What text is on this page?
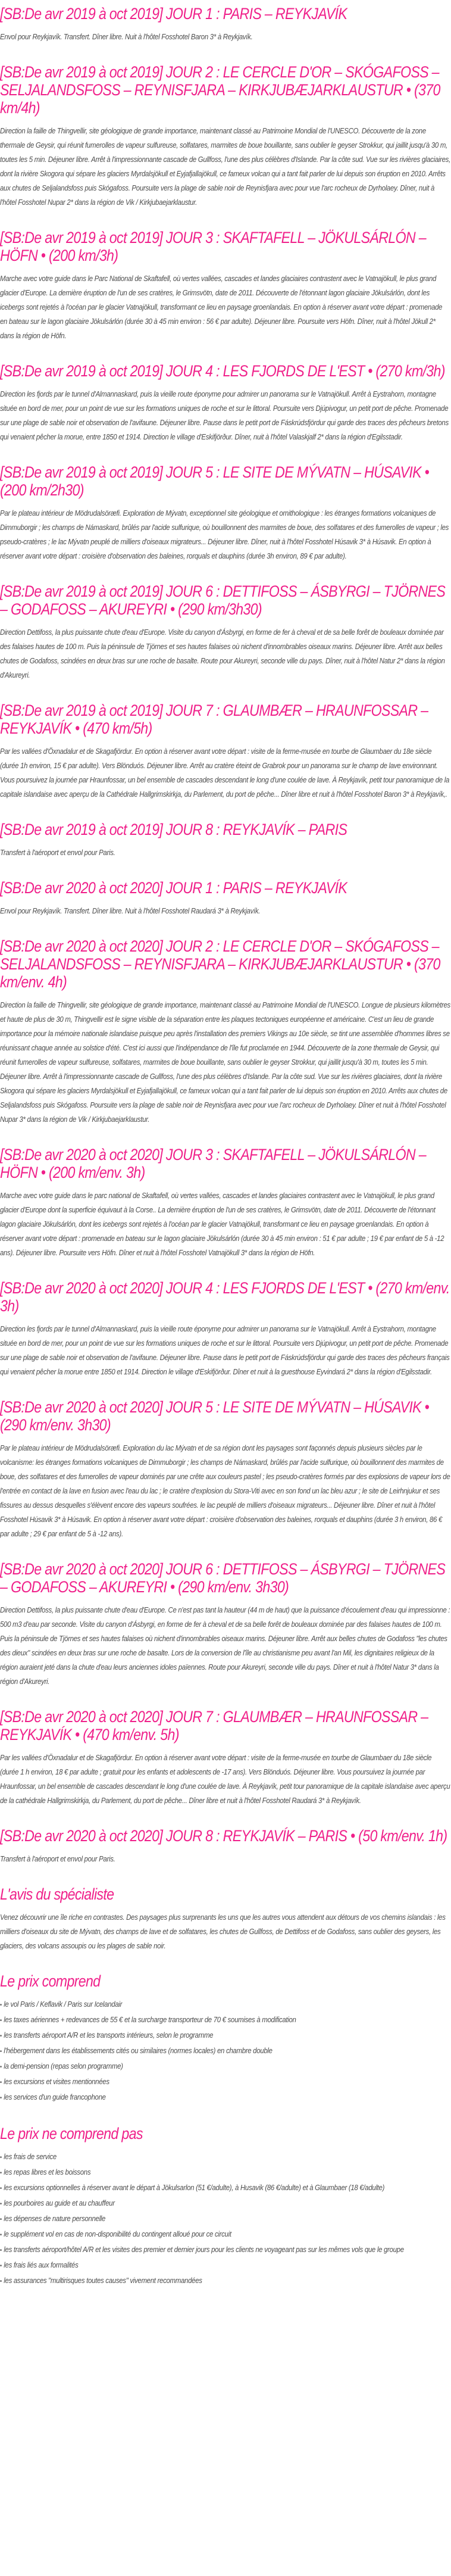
[SB:De avr 2019 à oct 2019] JOUR 1 : PARIS – REYKJAVÍK

Envol pour Reykjavík. Transfert. Dîner libre. Nuit à l'hôtel Fosshotel Baron 3* à Reykjavík.

[SB:De avr 2019 à oct 2019] JOUR 2 : LE CERCLE D'OR – SKÓGAFOSS – SELJALANDSFOSS – REYNISFJARA – KIRKJUBÆJARKLAUSTUR • (370 km/4h)

Direction la faille de Thingvellir, site géologique de grande importance, maintenant classé au Patrimoine Mondial de l'UNESCO. Découverte de la zone thermale de Geysir, qui réunit fumerolles de vapeur sulfureuse, solfatares, marmites de boue bouillante, sans oublier le geyser Strokkur, qui jaillit jusqu'à 30 m, toutes les 5 min. Déjeuner libre. Arrêt à l'impressionnante cascade de Gullfoss, l'une des plus célèbres d'Islande. Par la côte sud. Vue sur les rivières glaciaires, dont la rivière Skogora qui sépare les glaciers Myrdalsjökull et Eyjafjallajökull, ce fameux volcan qui a tant fait parler de lui depuis son éruption en 2010. Arrêts aux chutes de Seljalandsfoss puis Skógafoss. Poursuite vers la plage de sable noir de Reynisfjara avec pour vue l'arc rocheux de Dyrholaey. Dîner, nuit à l'hôtel Fosshotel Nupar 2* dans la région de Vik / Kirkjubaejarklaustur.

[SB:De avr 2019 à oct 2019] JOUR 3 : SKAFTAFELL – JÖKULSÁRLÓN – HÖFN • (200 km/3h)

Marche avec votre guide dans le Parc National de Skaftafell, où vertes vallées, cascades et landes glaciaires contrastent avec le Vatnajökull, le plus grand glacier d'Europe. La dernière éruption de l'un de ses cratères, le Grimsvötn, date de 2011. Découverte de l'étonnant lagon glaciaire Jökulsárlón, dont les icebergs sont rejetés à l'océan par le glacier Vatnajökull, transformant ce lieu en paysage groenlandais. En option à réserver avant votre départ : promenade en bateau sur le lagon glaciaire Jökulsárlón (durée 30 à 45 min environ : 56 € par adulte). Déjeuner libre. Poursuite vers Höfn. Dîner, nuit à l'hôtel Jökull 2* dans la région de Höfn.

[SB:De avr 2019 à oct 2019] JOUR 4 : LES FJORDS DE L'EST • (270 km/3h)

Direction les fjords par le tunnel d'Almannaskard, puis la vieille route éponyme pour admirer un panorama sur le Vatnajökull. Arrêt à Eystrahorn, montagne située en bord de mer, pour un point de vue sur les formations uniques de roche et sur le littoral. Poursuite vers Djúpivogur, un petit port de pêche. Promenade sur une plage de sable noir et observation de l'avifaune. Déjeuner libre. Pause dans le petit port de Fáskrúdsfjördur qui garde des traces des pêcheurs bretons qui venaient pêcher la morue, entre 1850 et 1914. Direction le village d'Eskifjörður. Dîner, nuit à l'hôtel Valaskjalf 2* dans la région d'Egilsstadir.

[SB:De avr 2019 à oct 2019] JOUR 5 : LE SITE DE MÝVATN – HÚSAVIK • (200 km/2h30)

Par le plateau intérieur de Mödrudalsöræfi. Exploration de Mývatn, exceptionnel site géologique et ornithologique : les étranges formations volcaniques de Dimmuborgir ; les champs de Námaskard, brûlés par l'acide sulfurique, où bouillonnent des marmites de boue, des solfatares et des fumerolles de vapeur ; les pseudo-cratères ; le lac Mývatn peuplé de milliers d'oiseaux migrateurs... Déjeuner libre. Dîner, nuit à l'hôtel Fosshotel Húsavik 3* à Húsavik. En option à réserver avant votre départ : croisière d'observation des baleines, rorquals et dauphins (durée 3h environ, 89 € par adulte).

[SB:De avr 2019 à oct 2019] JOUR 6 : DETTIFOSS – ÁSBYRGI – TJÖRNES – GODAFOSS – AKUREYRI • (290 km/3h30)

Direction Dettifoss, la plus puissante chute d'eau d'Europe. Visite du canyon d'Ásbyrgi, en forme de fer à cheval et de sa belle forêt de bouleaux dominée par des falaises hautes de 100 m. Puis la péninsule de Tjörnes et ses hautes falaises où nichent d'innombrables oiseaux marins. Déjeuner libre. Arrêt aux belles chutes de Godafoss, scindées en deux bras sur une roche de basalte. Route pour Akureyri, seconde ville du pays. Dîner, nuit à l'hôtel Natur 2* dans la région d'Akureyri.

[SB:De avr 2019 à oct 2019] JOUR 7 : GLAUMBÆR – HRAUNFOSSAR – REYKJAVÍK • (470 km/5h)

Par les vallées d'Öxnadalur et de Skagafjördur. En option à réserver avant votre départ : visite de la ferme-musée en tourbe de Glaumbaer du 18e siècle (durée 1h environ, 15 € par adulte). Vers Blönduós. Déjeuner libre. Arrêt au cratère éteint de Grabrok pour un panorama sur le champ de lave environnant. Vous poursuivez la journée par Hraunfossar, un bel ensemble de cascades descendant le long d'une coulée de lave. À Reykjavík, petit tour panoramique de la capitale islandaise avec aperçu de la Cathédrale Hallgrimskirkja, du Parlement, du port de pêche... Dîner libre et nuit à l'hôtel Fosshotel Baron 3* à Reykjavík,.

[SB:De avr 2019 à oct 2019] JOUR 8 : REYKJAVÍK – PARIS

Transfert à l'aéroport et envol pour Paris.

[SB:De avr 2020 à oct 2020] JOUR 1 : PARIS – REYKJAVÍK

Envol pour Reykjavík. Transfert. Dîner libre. Nuit à l'hôtel Fosshotel Raudará 3* à Reykjavík.

[SB:De avr 2020 à oct 2020] JOUR 2 : LE CERCLE D'OR – SKÓGAFOSS – SELJALANDSFOSS – REYNISFJARA – KIRKJUBÆJARKLAUSTUR • (370 km/env. 4h)

Direction la faille de Thingvellir, site géologique de grande importance, maintenant classé au Patrimoine Mondial de l'UNESCO. Longue de plusieurs kilomètres et haute de plus de 30 m, Thingvellir est le signe visible de la séparation entre les plaques tectoniques européenne et américaine. C'est un lieu de grande importance pour la mémoire nationale islandaise puisque peu après l'installation des premiers Vikings au 10e siècle, se tint une assemblée d'hommes libres se réunissant chaque année au solstice d'été. C'est ici aussi que l'indépendance de l'île fut proclamée en 1944. Découverte de la zone thermale de Geysir, qui réunit fumerolles de vapeur sulfureuse, solfatares, marmites de boue bouillante, sans oublier le geyser Strokkur, qui jaillit jusqu'à 30 m, toutes les 5 min. Déjeuner libre. Arrêt à l'impressionnante cascade de Gullfoss, l'une des plus célèbres d'Islande. Par la côte sud. Vue sur les rivières glaciaires, dont la rivière Skogora qui sépare les glaciers Myrdalsjökull et Eyjafjallajökull, ce fameux volcan qui a tant fait parler de lui depuis son éruption en 2010. Arrêts aux chutes de Seljalandsfoss puis Skógafoss. Poursuite vers la plage de sable noir de Reynisfjara avec pour vue l'arc rocheux de Dyrholaey. Dîner et nuit à l'hôtel Fosshotel Nupar 3* dans la région de Vik / Kirkjubaejarklaustur.

[SB:De avr 2020 à oct 2020] JOUR 3 : SKAFTAFELL – JÖKULSÁRLÓN – HÖFN • (200 km/env. 3h)

Marche avec votre guide dans le parc national de Skaftafell, où vertes vallées, cascades et landes glaciaires contrastent avec le Vatnajökull, le plus grand glacier d'Europe dont la superficie équivaut à la Corse.. La dernière éruption de l'un de ses cratères, le Grimsvötn, date de 2011. Découverte de l'étonnant lagon glaciaire Jökulsárlón, dont les icebergs sont rejetés à l'océan par le glacier Vatnajökull, transformant ce lieu en paysage groenlandais. En option à réserver avant votre départ : promenade en bateau sur le lagon glaciaire Jökulsárlón (durée 30 à 45 min environ : 51 € par adulte ; 19 € par enfant de 5 à -12 ans). Déjeuner libre. Poursuite vers Höfn. Dîner et nuit à l'hôtel Fosshotel Vatnajökull 3* dans la région de Höfn.

[SB:De avr 2020 à oct 2020] JOUR 4 : LES FJORDS DE L'EST • (270 km/env. 3h)

Direction les fjords par le tunnel d'Almannaskard, puis la vieille route éponyme pour admirer un panorama sur le Vatnajökull. Arrêt à Eystrahorn, montagne située en bord de mer, pour un point de vue sur les formations uniques de roche et sur le littoral. Poursuite vers Djúpivogur, un petit port de pêche. Promenade sur une plage de sable noir et observation de l'avifaune. Déjeuner libre. Pause dans le petit port de Fáskrúdsfjördur qui garde des traces des pêcheurs français qui venaient pêcher la morue entre 1850 et 1914. Direction le village d'Eskifjörður. Dîner et nuit à la guesthouse Eyvindará 2* dans la région d'Egilsstadir.

[SB:De avr 2020 à oct 2020] JOUR 5 : LE SITE DE MÝVATN – HÚSAVIK • (290 km/env. 3h30)

Par le plateau intérieur de Mödrudalsöræfi. Exploration du lac Mývatn et de sa région dont les paysages sont façonnés depuis plusieurs siècles par le volcanisme: les étranges formations volcaniques de Dimmuborgir ; les champs de Námaskard, brûlés par l'acide sulfurique, où bouillonnent des marmites de boue, des solfatares et des fumerolles de vapeur dominés par une crête aux couleurs pastel ; les pseudo-cratères formés par des explosions de vapeur lors de l'entrée en contact de la lave en fusion avec l'eau du lac ; le cratère d'explosion du Stora-Viti avec en son fond un lac bleu azur ; le site de Leirhnjukur et ses fissures au dessus desquelles s'élèvent encore des vapeurs soufrées. le lac peuplé de milliers d'oiseaux migrateurs... Déjeuner libre. Dîner et nuit à l'hôtel Fosshotel Húsavik 3* à Húsavik. En option à réserver avant votre départ : croisière d'observation des baleines, rorquals et dauphins (durée 3 h environ, 86 € par adulte ; 29 € par enfant de 5 à -12 ans).

[SB:De avr 2020 à oct 2020] JOUR 6 : DETTIFOSS – ÁSBYRGI – TJÖRNES – GODAFOSS – AKUREYRI • (290 km/env. 3h30)

Direction Dettifoss, la plus puissante chute d'eau d'Europe. Ce n'est pas tant la hauteur (44 m de haut) que la puissance d'écoulement d'eau qui impressionne : 500 m3 d'eau par seconde. Visite du canyon d'Ásbyrgi, en forme de fer à cheval et de sa belle forêt de bouleaux dominée par des falaises hautes de 100 m. Puis la péninsule de Tjörnes et ses hautes falaises où nichent d'innombrables oiseaux marins. Déjeuner libre. Arrêt aux belles chutes de Godafoss "les chutes des dieux" scindées en deux bras sur une roche de basalte. Lors de la conversion de l'île au christianisme peu avant l'an Mil, les dignitaires religieux de la région auraient jeté dans la chute d'eau leurs anciennes idoles païennes. Route pour Akureyri, seconde ville du pays. Dîner et nuit à l'hôtel Natur 3* dans la région d'Akureyri.

[SB:De avr 2020 à oct 2020] JOUR 7 : GLAUMBÆR – HRAUNFOSSAR – REYKJAVÍK • (470 km/env. 5h)

Par les vallées d'Öxnadalur et de Skagafjördur. En option à réserver avant votre départ : visite de la ferme-musée en tourbe de Glaumbaer du 18e siècle (durée 1 h environ, 18 € par adulte ; gratuit pour les enfants et adolescents de -17 ans). Vers Blönduós. Déjeuner libre. Vous poursuivez la journée par Hraunfossar, un bel ensemble de cascades descendant le long d'une coulée de lave. À Reykjavík, petit tour panoramique de la capitale islandaise avec aperçu de la cathédrale Hallgrimskirkja, du Parlement, du port de pêche... Dîner libre et nuit à l'hôtel Fosshotel Raudará 3* à Reykjavík.

[SB:De avr 2020 à oct 2020] JOUR 8 : REYKJAVÍK – PARIS • (50 km/env. 1h)

Transfert à l'aéroport et envol pour Paris.

L'avis du spécialiste

Venez découvrir une île riche en contrastes. Des paysages plus surprenants les uns que les autres vous attendent aux détours de vos chemins islandais : les milliers d'oiseaux du site de Mývatn, des champs de lave et de solfatares, les chutes de Gullfoss, de Dettifoss et de Godafoss, sans oublier des geysers, les glaciers, des volcans assoupis ou les plages de sable noir.

Le prix comprend
• le vol Paris / Keflavik / Paris sur Icelandair
• les taxes aériennes + redevances de 55 € et la surcharge transporteur de 70 € soumises à modification
• les transferts aéroport A/R et les transports intérieurs, selon le programme
• l'hébergement dans les établissements cités ou similaires (normes locales) en chambre double
• la demi-pension (repas selon programme)
• les excursions et visites mentionnées
• les services d'un guide francophone
Le prix ne comprend pas
• les frais de service
• les repas libres et les boissons
• les excursions optionnelles à réserver avant le départ à Jökulsarlon (51 €/adulte), à Husavik (86 €/adulte) et à Glaumbaer (18 €/adulte)
• les pourboires au guide et au chauffeur
• les dépenses de nature personnelle
• le supplément vol en cas de non-disponibilité du contingent alloué pour ce circuit
• les transferts aéroport/hôtel A/R et les visites des premier et dernier jours pour les clients ne voyageant pas sur les mêmes vols que le groupe
• les frais liés aux formalités
• les assurances "multirisques toutes causes" vivement recommandées
